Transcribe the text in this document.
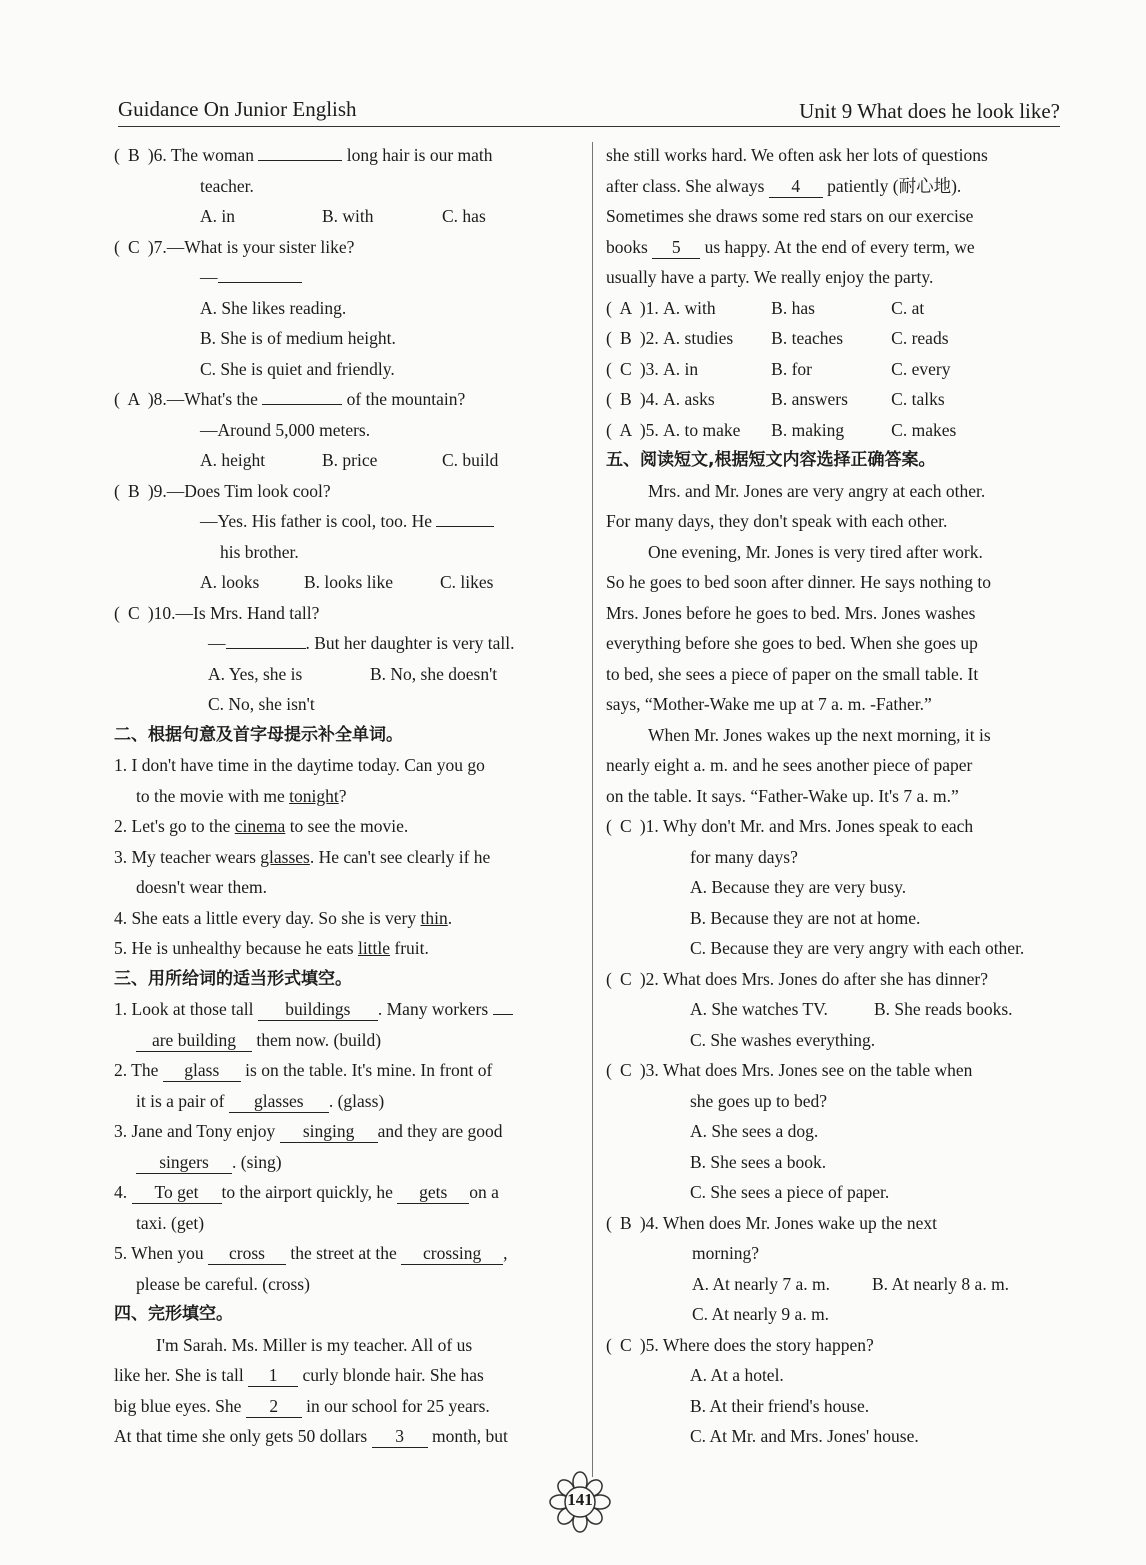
Guidance On Junior English	Unit 9 What does he look like?
( B )6. The woman	long hair is our math
teacher.
A. in	B. with	C. has
( C )7.—What is your sister like?
—
A. She likes reading.
B. She is of medium height.
C. She is quiet and friendly.
( A )8.—What's the	of the mountain?
—Around 5,000 meters.
A. height	B. price	C. build
( B )9.—Does Tim look cool?
—Yes. His father is cool, too. He
his brother.
A. looks	B. looks like	C. likes
( C )10.—Is Mrs. Hand tall?
—	. But her daughter is very tall.
A. Yes, she is	B. No, she doesn't
C. No, she isn't
二、根据句意及首字母提示补全单词。
1. I don't have time in the daytime today. Can you go
to the movie with me tonight?
2. Let's go to the cinema to see the movie.
3. My teacher wears glasses. He can't see clearly if he
doesn't wear them.
4. She eats a little every day. So she is very thin.
5. He is unhealthy because he eats little fruit.
三、用所给词的适当形式填空。
1. Look at those tall buildings . Many workers
are building them now. (build)
2. The glass is on the table. It's mine. In front of
it is a pair of glasses . (glass)
3. Jane and Tony enjoy singing and they are good
singers . (sing)
4. To get to the airport quickly, he gets on a
taxi. (get)
5. When you cross the street at the crossing ,
please be careful. (cross)
四、完形填空。
I'm Sarah. Ms. Miller is my teacher. All of us
like her. She is tall 1 curly blonde hair. She has
big blue eyes. She 2 in our school for 25 years.
At that time she only gets 50 dollars 3 month, but
she still works hard. We often ask her lots of questions
after class. She always 4 patiently (耐心地).
Sometimes she draws some red stars on our exercise
books 5 us happy. At the end of every term, we
usually have a party. We really enjoy the party.
( A )1. A. with	B. has	C. at
( B )2. A. studies B. teaches	C. reads
( C )3. A. in	B. for	C. every
( B )4. A. asks	B. answers C. talks
( A )5. A. to make B. making	C. makes
五、阅读短文,根据短文内容选择正确答案。
Mrs. and Mr. Jones are very angry at each other.
For many days, they don't speak with each other.
One evening, Mr. Jones is very tired after work.
So he goes to bed soon after dinner. He says nothing to
Mrs. Jones before he goes to bed. Mrs. Jones washes
everything before she goes to bed. When she goes up
to bed, she sees a piece of paper on the small table. It
says, “Mother-Wake me up at 7 a. m. -Father.”
When Mr. Jones wakes up the next morning, it is
nearly eight a. m. and he sees another piece of paper
on the table. It says. “Father-Wake up. It's 7 a. m.”
( C )1. Why don't Mr. and Mrs. Jones speak to each
for many days?
A. Because they are very busy.
B. Because they are not at home.
C. Because they are very angry with each other.
( C )2. What does Mrs. Jones do after she has dinner?
A. She watches TV.	B. She reads books.
C. She washes everything.
( C )3. What does Mrs. Jones see on the table when
she goes up to bed?
A. She sees a dog.
B. She sees a book.
C. She sees a piece of paper.
( B )4. When does Mr. Jones wake up the next
morning?
A. At nearly 7 a. m. B. At nearly 8 a. m.
C. At nearly 9 a. m.
( C )5. Where does the story happen?
A. At a hotel.
B. At their friend's house.
C. At Mr. and Mrs. Jones' house.
141
